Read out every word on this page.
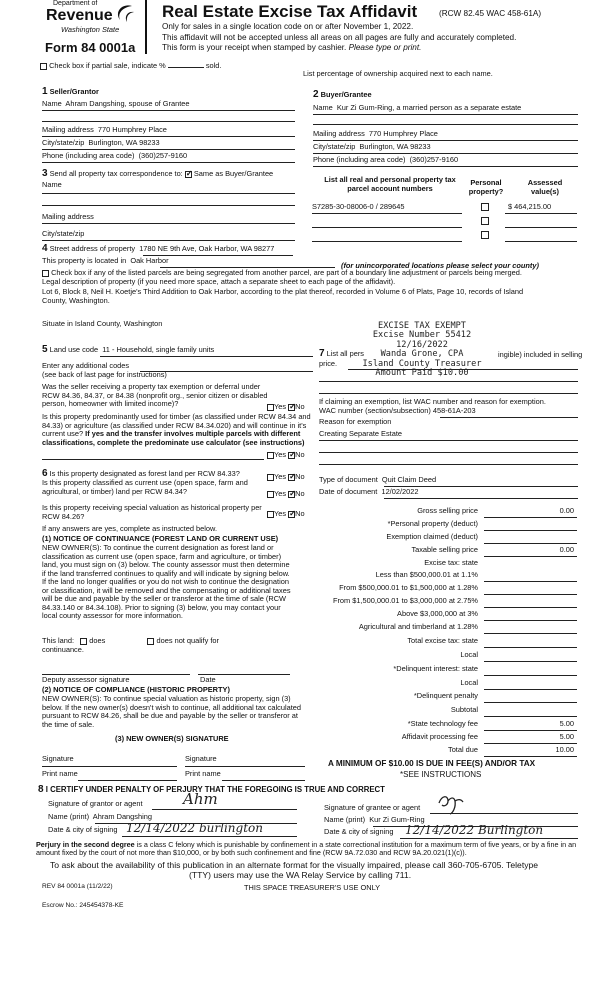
Department of
Revenue
Washington State
Form 84 0001a
Real Estate Excise Tax Affidavit	(RCW 82.45 WAC 458-61A)
Only for sales in a single location code on or after November 1, 2022.
This affidavit will not be accepted unless all areas on all pages are fully and accurately completed.
This form is your receipt when stamped by cashier. Please type or print.
Check box if partial sale, indicate %	sold.
List percentage of ownership acquired next to each name.
1 Seller/Grantor
Name Ahram Dangshing, spouse of Grantee
Mailing address 770 Humphrey Place
City/state/zip Burlington, WA 98233
Phone (including area code) (360)257-9160
2 Buyer/Grantee
Name Kur Zi Gum-Ring, a married person as a separate estate
Mailing address 770 Humphrey Place
City/state/zip Burlington, WA 98233
Phone (including area code) (360)257-9160
3 Send all property tax correspondence to: ✓ Same as Buyer/Grantee
Name
Mailing address
City/state/zip
List all real and personal property tax
parcel account numbers
Personal
property?
Assessed
value(s)
S7285-30-08006-0 / 289645	$ 464,215.00
4 Street address of property 1780 NE 9th Ave, Oak Harbor, WA 98277
This property is located in Oak Harbor
(for unincorporated locations please select your county)
Check box if any of the listed parcels are being segregated from another parcel, are part of a boundary line adjustment or parcels being merged.
Legal description of property (if you need more space, attach a separate sheet to each page of the affidavit).
Lot 6, Block 8, Neil H. Koetje's Third Addition to Oak Harbor, according to the plat thereof, recorded in Volume 6 of Plats, Page 10, records of Island
County, Washington.
Situate in Island County, Washington	EXCISE TAX EXEMPT
Excise Number 55412
12/16/2022
Wanda Grone, CPA
Island County Treasurer
Amount Paid $10.00
5 Land use code 11 - Household, single family units
Enter any additional codes
(see back of last page for instructions)
Was the seller receiving a property tax exemption or deferral under RCW 84.36, 84.37, or 84.38 (nonprofit org., senior citizen or disabled person, homeowner with limited income)?	Yes ✓ No
Is this property predominantly used for timber (as classified under RCW 84.34 and 84.33) or agriculture (as classified under RCW 84.34.020) and will continue in it's current use? If yes and the transfer involves multiple parcels with different classifications, complete the predominate use calculator (see instructions)
Yes ✓ No
7 List all pers	ingible) included in selling
price.
If claiming an exemption, list WAC number and reason for exemption.
WAC number (section/subsection) 458-61A-203
Reason for exemption
Creating Separate Estate
Type of document Quit Claim Deed
Date of document 12/02/2022
6 Is this property designated as forest land per RCW 84.33?	Yes ✓ No
Is this property classified as current use (open space, farm and agricultural, or timber) land per RCW 84.34?	Yes ✓ No
Is this property receiving special valuation as historical property per RCW 84.26?	Yes ✓ No
If any answers are yes, complete as instructed below.
(1) NOTICE OF CONTINUANCE (FOREST LAND OR CURRENT USE)
NEW OWNER(S): To continue the current designation as forest land or classification as current use (open space, farm and agriculture, or timber) land, you must sign on (3) below. The county assessor must then determine if the land transferred continues to qualify and will indicate by signing below. If the land no longer qualifies or you do not wish to continue the designation or classification, it will be removed and the compensating or additional taxes will be due and payable by the seller or transferor at the time of sale (RCW 84.33.140 or 84.34.108). Prior to signing (3) below, you may contact your local county assessor for more information.
This land: does	does not qualify for
continuance.
Deputy assessor signature	Date
(2) NOTICE OF COMPLIANCE (HISTORIC PROPERTY)
NEW OWNER(S): To continue special valuation as historic property, sign (3) below. If the new owner(s) doesn't wish to continue, all additional tax calculated pursuant to RCW 84.26, shall be due and payable by the seller or transferor at the time of sale.
(3) NEW OWNER(S) SIGNATURE
Signature	Signature
Print name	Print name
Gross selling price	0.00
*Personal property (deduct)
Exemption claimed (deduct)
Taxable selling price	0.00
Excise tax: state
Less than $500,000.01 at 1.1%
From $500,000.01 to $1,500,000 at 1.28%
From $1,500,000.01 to $3,000,000 at 2.75%
Above $3,000,000 at 3%
Agricultural and timberland at 1.28%
Total excise tax: state
Local
*Delinquent interest: state
Local
*Delinquent penalty
Subtotal
*State technology fee	5.00
Affidavit processing fee	5.00
Total due	10.00
A MINIMUM OF $10.00 IS DUE IN FEE(S) AND/OR TAX
*SEE INSTRUCTIONS
8 I CERTIFY UNDER PENALTY OF PERJURY THAT THE FOREGOING IS TRUE AND CORRECT
Signature of grantor or agent	Ahm
Name (print) Ahram Dangshing
Date & city of signing 12/14/2022 burlington
Signature of grantee or agent
Name (print) Kur Zi Gum-Ring
Date & city of signing 12/14/2022 Burlington
Perjury in the second degree is a class C felony which is punishable by confinement in a state correctional institution for a maximum term of five years, or by a fine in an amount fixed by the court of not more than $10,000, or by both such confinement and fine (RCW 9A.72.030 and RCW 9A.20.021(1)(c)).
To ask about the availability of this publication in an alternate format for the visually impaired, please call 360-705-6705. Teletype
(TTY) users may use the WA Relay Service by calling 711.
REV 84 0001a (11/2/22)	THIS SPACE TREASURER'S USE ONLY
Escrow No.: 245454378-KE
